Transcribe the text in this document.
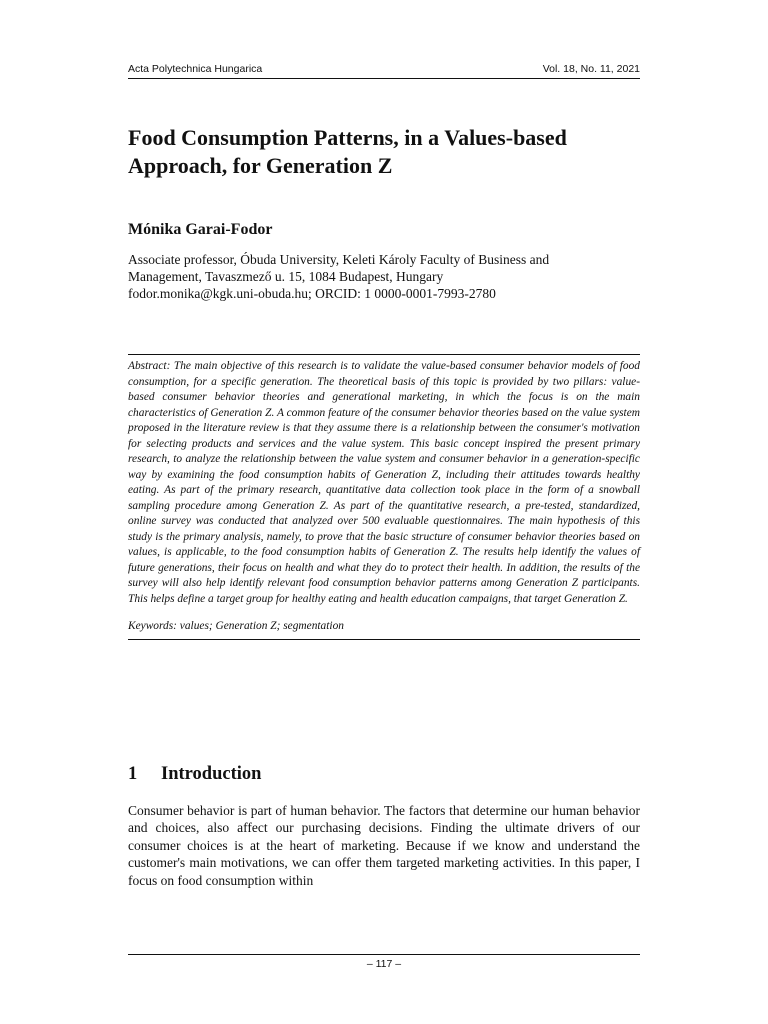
Acta Polytechnica Hungarica	Vol. 18, No. 11, 2021
Food Consumption Patterns, in a Values-based Approach, for Generation Z
Mónika Garai-Fodor
Associate professor, Óbuda University, Keleti Károly Faculty of Business and
Management, Tavaszmező u. 15, 1084 Budapest, Hungary
fodor.monika@kgk.uni-obuda.hu; ORCID: 1 0000-0001-7993-2780

Abstract: The main objective of this research is to validate the value-based consumer behavior models of food consumption, for a specific generation. The theoretical basis of this topic is provided by two pillars: value-based consumer behavior theories and generational marketing, in which the focus is on the main characteristics of Generation Z. A common feature of the consumer behavior theories based on the value system proposed in the literature review is that they assume there is a relationship between the consumer's motivation for selecting products and services and the value system. This basic concept inspired the present primary research, to analyze the relationship between the value system and consumer behavior in a generation-specific way by examining the food consumption habits of Generation Z, including their attitudes towards healthy eating. As part of the primary research, quantitative data collection took place in the form of a snowball sampling procedure among Generation Z. As part of the quantitative research, a pre-tested, standardized, online survey was conducted that analyzed over 500 evaluable questionnaires. The main hypothesis of this study is the primary analysis, namely, to prove that the basic structure of consumer behavior theories based on values, is applicable, to the food consumption habits of Generation Z. The results help identify the values of future generations, their focus on health and what they do to protect their health. In addition, the results of the survey will also help identify relevant food consumption behavior patterns among Generation Z participants. This helps define a target group for healthy eating and health education campaigns, that target Generation Z.

Keywords: values; Generation Z; segmentation

1 Introduction

Consumer behavior is part of human behavior. The factors that determine our human behavior and choices, also affect our purchasing decisions. Finding the ultimate drivers of our consumer choices is at the heart of marketing. Because if we know and understand the customer's main motivations, we can offer them targeted marketing activities. In this paper, I focus on food consumption within

– 117 –
